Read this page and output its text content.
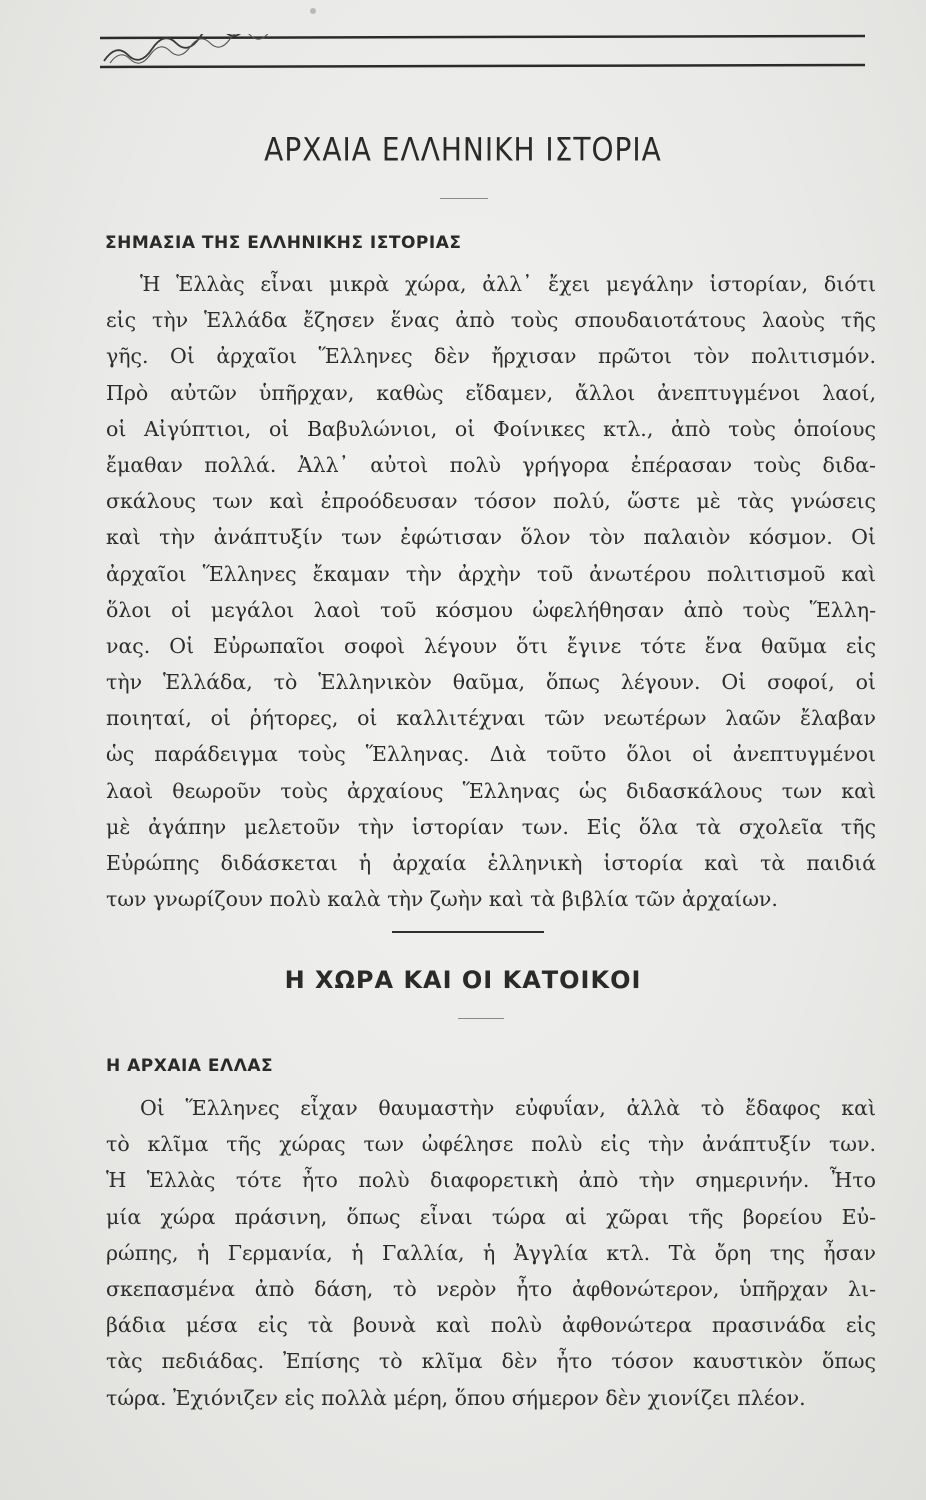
ΑΡΧΑΙΑ ΕΛΛΗΝΙΚΗ ΙΣΤΟΡΙΑ
ΣΗΜΑΣΙΑ ΤΗΣ ΕΛΛΗΝΙΚΗΣ ΙΣΤΟΡΙΑΣ
Ἡ Ἑλλὰς εἶναι μικρὰ χώρα, ἀλλ᾽ ἔχει μεγάλην ἱστορίαν, διότι
εἰς τὴν Ἑλλάδα ἔζησεν ἕνας ἀπὸ τοὺς σπουδαιοτάτους λαοὺς τῆς
γῆς. Οἱ ἀρχαῖοι Ἕλληνες δὲν ἤρχισαν πρῶτοι τὸν πολιτισμόν.
Πρὸ αὐτῶν ὑπῆρχαν, καθὼς εἴδαμεν, ἄλλοι ἀνεπτυγμένοι λαοί,
οἱ Αἰγύπτιοι, οἱ Βαβυλώνιοι, οἱ Φοίνικες κτλ., ἀπὸ τοὺς ὁποίους
ἔμαθαν πολλά. Ἀλλ᾽ αὐτοὶ πολὺ γρήγορα ἐπέρασαν τοὺς διδα-
σκάλους των καὶ ἐπροόδευσαν τόσον πολύ, ὥστε μὲ τὰς γνώσεις
καὶ τὴν ἀνάπτυξίν των ἐφώτισαν ὅλον τὸν παλαιὸν κόσμον. Οἱ
ἀρχαῖοι Ἕλληνες ἔκαμαν τὴν ἀρχὴν τοῦ ἀνωτέρου πολιτισμοῦ καὶ
ὅλοι οἱ μεγάλοι λαοὶ τοῦ κόσμου ὠφελήθησαν ἀπὸ τοὺς Ἕλλη-
νας. Οἱ Εὐρωπαῖοι σοφοὶ λέγουν ὅτι ἔγινε τότε ἕνα θαῦμα εἰς
τὴν Ἑλλάδα, τὸ Ἑλληνικὸν θαῦμα, ὅπως λέγουν. Οἱ σοφοί, οἱ
ποιηταί, οἱ ῥήτορες, οἱ καλλιτέχναι τῶν νεωτέρων λαῶν ἔλαβαν
ὡς παράδειγμα τοὺς Ἕλληνας. Διὰ τοῦτο ὅλοι οἱ ἀνεπτυγμένοι
λαοὶ θεωροῦν τοὺς ἀρχαίους Ἕλληνας ὡς διδασκάλους των καὶ
μὲ ἀγάπην μελετοῦν τὴν ἱστορίαν των. Εἰς ὅλα τὰ σχολεῖα τῆς
Εὐρώπης διδάσκεται ἡ ἀρχαία ἑλληνικὴ ἱστορία καὶ τὰ παιδιά
των γνωρίζουν πολὺ καλὰ τὴν ζωὴν καὶ τὰ βιβλία τῶν ἀρχαίων.
Η ΧΩΡΑ ΚΑΙ ΟΙ ΚΑΤΟΙΚΟΙ
Η ΑΡΧΑΙΑ ΕΛΛΑΣ
Οἱ Ἕλληνες εἶχαν θαυμαστὴν εὐφυΐαν, ἀλλὰ τὸ ἔδαφος καὶ
τὸ κλῖμα τῆς χώρας των ὠφέλησε πολὺ εἰς τὴν ἀνάπτυξίν των.
Ἡ Ἑλλὰς τότε ἦτο πολὺ διαφορετικὴ ἀπὸ τὴν σημερινήν. Ἦτο
μία χώρα πράσινη, ὅπως εἶναι τώρα αἱ χῶραι τῆς βορείου Εὐ-
ρώπης, ἡ Γερμανία, ἡ Γαλλία, ἡ Ἀγγλία κτλ. Τὰ ὄρη της ἦσαν
σκεπασμένα ἀπὸ δάση, τὸ νερὸν ἦτο ἀφθονώτερον, ὑπῆρχαν λι-
βάδια μέσα εἰς τὰ βουνὰ καὶ πολὺ ἀφθονώτερα πρασινάδα εἰς
τὰς πεδιάδας. Ἐπίσης τὸ κλῖμα δὲν ἦτο τόσον καυστικὸν ὅπως
τώρα. Ἐχιόνιζεν εἰς πολλὰ μέρη, ὅπου σήμερον δὲν χιονίζει πλέον.
